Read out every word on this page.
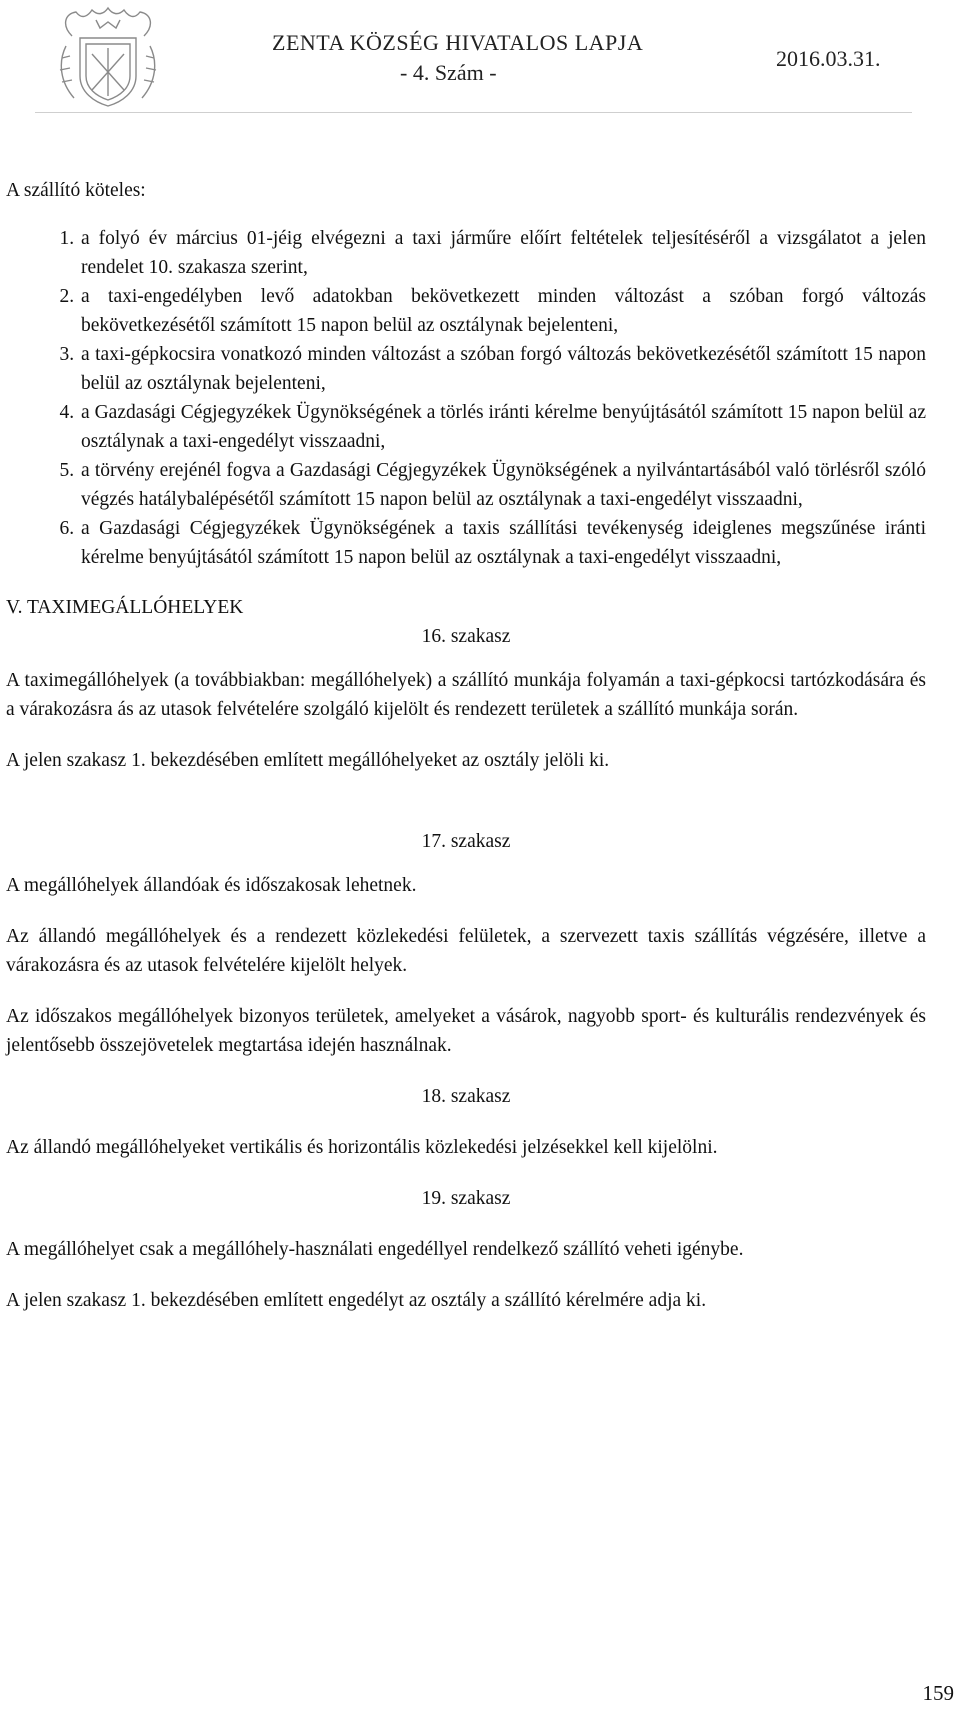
ZENTA KÖZSÉG HIVATALOS LAPJA
- 4. Szám -
2016.03.31.

A szállító köteles:

1. a folyó év március 01-jéig elvégezni a taxi járműre előírt feltételek teljesítéséről a vizsgálatot a jelen rendelet 10. szakasza szerint,
2. a taxi-engedélyben levő adatokban bekövetkezett minden változást a szóban forgó változás bekövetkezésétől számított 15 napon belül az osztálynak bejelenteni,
3. a taxi-gépkocsira vonatkozó minden változást a szóban forgó változás bekövetkezésétől számított 15 napon belül az osztálynak bejelenteni,
4. a Gazdasági Cégjegyzékek Ügynökségének a törlés iránti kérelme benyújtásától számított 15 napon belül az osztálynak a taxi-engedélyt visszaadni,
5. a törvény erejénél fogva a Gazdasági Cégjegyzékek Ügynökségének a nyilvántartásából való törlésről szóló végzés hatálybalépésétől számított 15 napon belül az osztálynak a taxi-engedélyt visszaadni,
6. a Gazdasági Cégjegyzékek Ügynökségének a taxis szállítási tevékenység ideiglenes megszűnése iránti kérelme benyújtásától számított 15 napon belül az osztálynak a taxi-engedélyt visszaadni,

V. TAXIMEGÁLLÓHELYEK

16. szakasz

A taximegállóhelyek (a továbbiakban: megállóhelyek) a szállító munkája folyamán a taxi-gépkocsi tartózkodására és a várakozásra ás az utasok felvételére szolgáló kijelölt és rendezett területek a szállító munkája során.

A jelen szakasz 1. bekezdésében említett megállóhelyeket az osztály jelöli ki.

17. szakasz

A megállóhelyek állandóak és időszakosak lehetnek.

Az állandó megállóhelyek és a rendezett közlekedési felületek, a szervezett taxis szállítás végzésére, illetve a várakozásra és az utasok felvételére kijelölt helyek.

Az időszakos megállóhelyek bizonyos területek, amelyeket a vásárok, nagyobb sport- és kulturális rendezvények és jelentősebb összejövetelek megtartása idején használnak.

18. szakasz

Az állandó megállóhelyeket vertikális és horizontális közlekedési jelzésekkel kell kijelölni.

19. szakasz

A megállóhelyet csak a megállóhely-használati engedéllyel rendelkező szállító veheti igénybe.

A jelen szakasz 1. bekezdésében említett engedélyt az osztály a szállító kérelmére adja ki.

159
